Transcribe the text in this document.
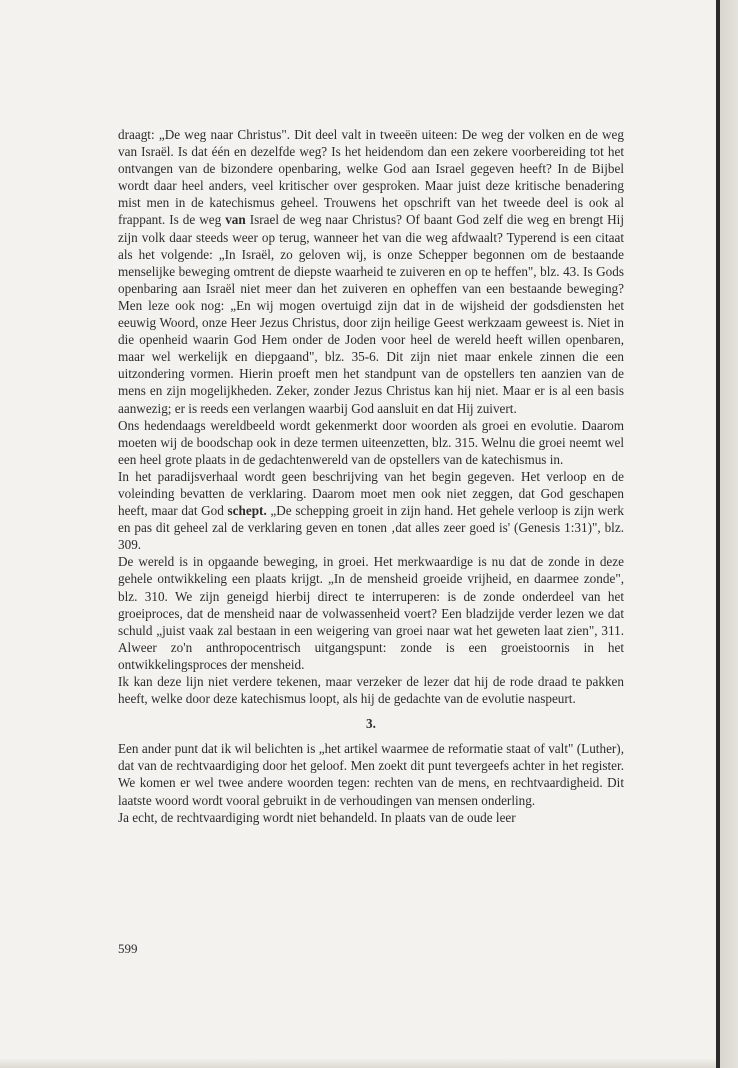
draagt: „De weg naar Christus". Dit deel valt in tweeën uiteen: De weg der volken en de weg van Israël. Is dat één en dezelfde weg? Is het heidendom dan een zekere voorbereiding tot het ontvangen van de bizondere openbaring, welke God aan Israel gegeven heeft? In de Bijbel wordt daar heel anders, veel kritischer over gesproken. Maar juist deze kritische benadering mist men in de katechismus geheel. Trouwens het opschrift van het tweede deel is ook al frappant. Is de weg van Israel de weg naar Christus? Of baant God zelf die weg en brengt Hij zijn volk daar steeds weer op terug, wanneer het van die weg afdwaalt? Typerend is een citaat als het volgende: „In Israël, zo geloven wij, is onze Schepper begonnen om de bestaande menselijke beweging omtrent de diepste waarheid te zuiveren en op te heffen", blz. 43. Is Gods openbaring aan Israël niet meer dan het zuiveren en opheffen van een bestaande beweging? Men leze ook nog: „En wij mogen overtuigd zijn dat in de wijsheid der godsdiensten het eeuwig Woord, onze Heer Jezus Christus, door zijn heilige Geest werkzaam geweest is. Niet in die openheid waarin God Hem onder de Joden voor heel de wereld heeft willen openbaren, maar wel werkelijk en diepgaand", blz. 35-6. Dit zijn niet maar enkele zinnen die een uitzondering vormen. Hierin proeft men het standpunt van de opstellers ten aanzien van de mens en zijn mogelijkheden. Zeker, zonder Jezus Christus kan hij niet. Maar er is al een basis aanwezig; er is reeds een verlangen waarbij God aansluit en dat Hij zuivert.

Ons hedendaags wereldbeeld wordt gekenmerkt door woorden als groei en evolutie. Daarom moeten wij de boodschap ook in deze termen uiteenzetten, blz. 315. Welnu die groei neemt wel een heel grote plaats in de gedachtenwereld van de opstellers van de katechismus in.

In het paradijsverhaal wordt geen beschrijving van het begin gegeven. Het verloop en de voleinding bevatten de verklaring. Daarom moet men ook niet zeggen, dat God geschapen heeft, maar dat God schept. „De schepping groeit in zijn hand. Het gehele verloop is zijn werk en pas dit geheel zal de verklaring geven en tonen ‚dat alles zeer goed is' (Genesis 1:31)", blz. 309.

De wereld is in opgaande beweging, in groei. Het merkwaardige is nu dat de zonde in deze gehele ontwikkeling een plaats krijgt. „In de mensheid groeide vrijheid, en daarmee zonde", blz. 310. We zijn geneigd hierbij direct te interruperen: is de zonde onderdeel van het groeiproces, dat de mensheid naar de volwassenheid voert? Een bladzijde verder lezen we dat schuld „juist vaak zal bestaan in een weigering van groei naar wat het geweten laat zien", 311. Alweer zo'n anthropocentrisch uitgangspunt: zonde is een groeistoornis in het ontwikkelingsproces der mensheid.

Ik kan deze lijn niet verdere tekenen, maar verzeker de lezer dat hij de rode draad te pakken heeft, welke door deze katechismus loopt, als hij de gedachte van de evolutie naspeurt.

3.

Een ander punt dat ik wil belichten is „het artikel waarmee de reformatie staat of valt" (Luther), dat van de rechtvaardiging door het geloof. Men zoekt dit punt tevergeefs achter in het register. We komen er wel twee andere woorden tegen: rechten van de mens, en rechtvaardigheid. Dit laatste woord wordt vooral gebruikt in de verhoudingen van mensen onderling.

Ja echt, de rechtvaardiging wordt niet behandeld. In plaats van de oude leer

599
